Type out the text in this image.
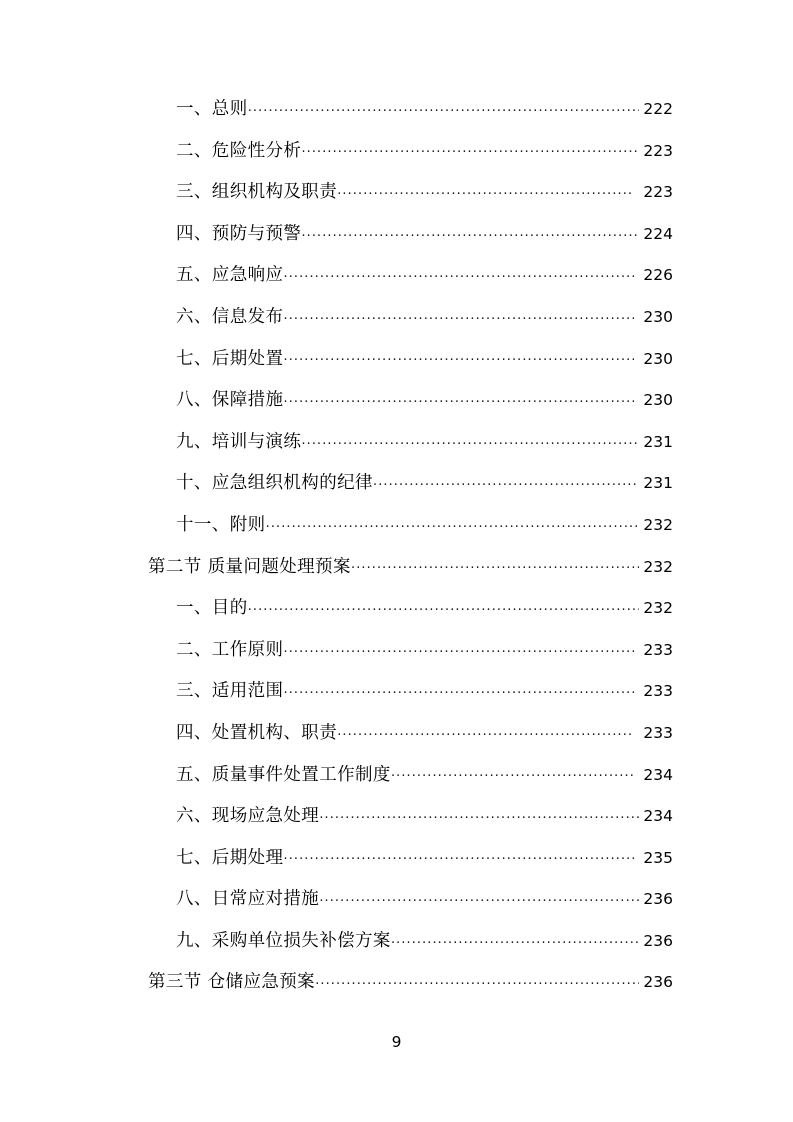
一、总则 .....	222
二、危险性分析 .....	223
三、组织机构及职责 .....	223
四、预防与预警 .....	224
五、应急响应 .....	226
六、信息发布 .....	230
七、后期处置 .....	230
八、保障措施 .....	230
九、培训与演练 .....	231
十、应急组织机构的纪律 .....	231
十一、附则 .....	232
第二节 质量问题处理预案 .....	232
一、目的 .....	232
二、工作原则 .....	233
三、适用范围 .....	233
四、处置机构、职责 .....	233
五、质量事件处置工作制度 .....	234
六、现场应急处理 .....	234
七、后期处理 .....	235
八、日常应对措施 .....	236
九、采购单位损失补偿方案 .....	236
第三节 仓储应急预案 .....	236
9
